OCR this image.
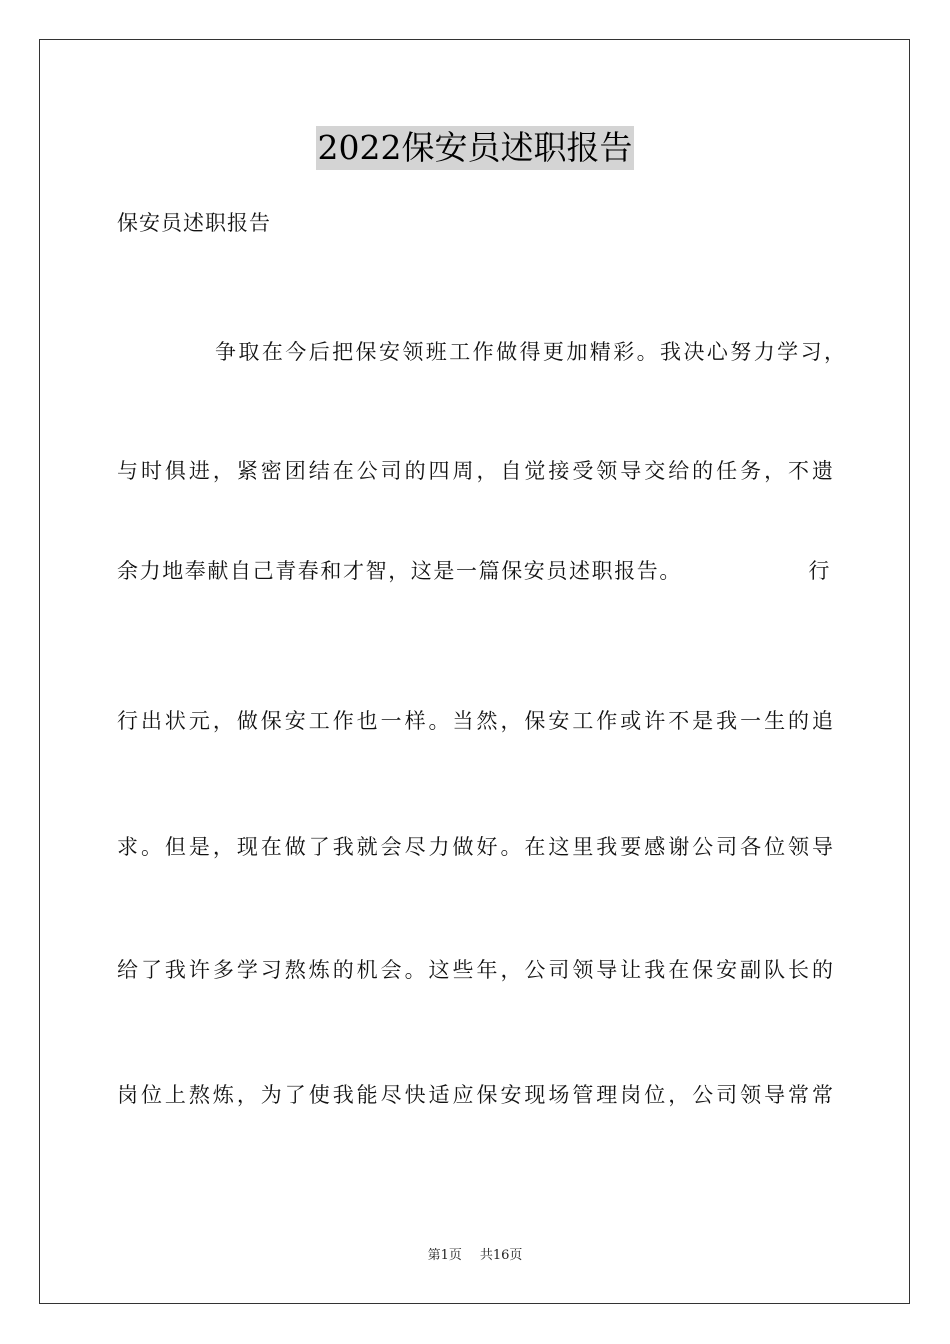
2022保安员述职报告
保安员述职报告
争取在今后把保安领班工作做得更加精彩。我决心努力学习，
与时俱进，紧密团结在公司的四周，自觉接受领导交给的任务，不遗
余力地奉献自己青春和才智，这是一篇保安员述职报告。	行
行出状元，做保安工作也一样。当然，保安工作或许不是我一生的追
求。但是，现在做了我就会尽力做好。在这里我要感谢公司各位领导
给了我许多学习熬炼的机会。这些年，公司领导让我在保安副队长的
岗位上熬炼，为了使我能尽快适应保安现场管理岗位，公司领导常常
第1页 共16页
